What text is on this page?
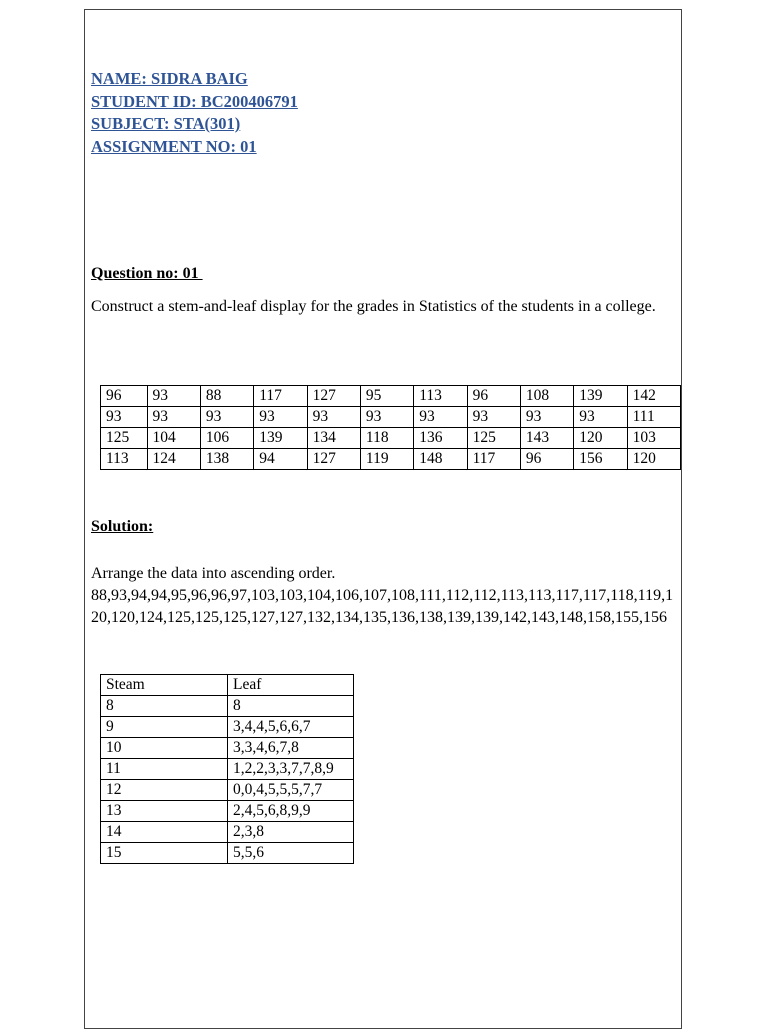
NAME: SIDRA BAIG
STUDENT ID: BC200406791
SUBJECT: STA(301)
ASSIGNMENT NO: 01
Question no: 01
Construct a stem-and-leaf display for the grades in Statistics of the students in a college.
96	93	88	117	127	95	113	96	108	139	142
93	93	93	93	93	93	93	93	93	93	111
125	104	106	139	134	118	136	125	143	120	103
113	124	138	94	127	119	148	117	96	156	120
Solution:
Arrange the data into ascending order.
88,93,94,94,95,96,96,97,103,103,104,106,107,108,111,112,112,113,113,117,117,118,119,120,120,124,125,125,125,127,127,132,134,135,136,138,139,139,142,143,148,158,155,156
Steam	Leaf
8	8
9	3,4,4,5,6,6,7
10	3,3,4,6,7,8
11	1,2,2,3,3,7,7,8,9
12	0,0,4,5,5,5,7,7
13	2,4,5,6,8,9,9
14	2,3,8
15	5,5,6
